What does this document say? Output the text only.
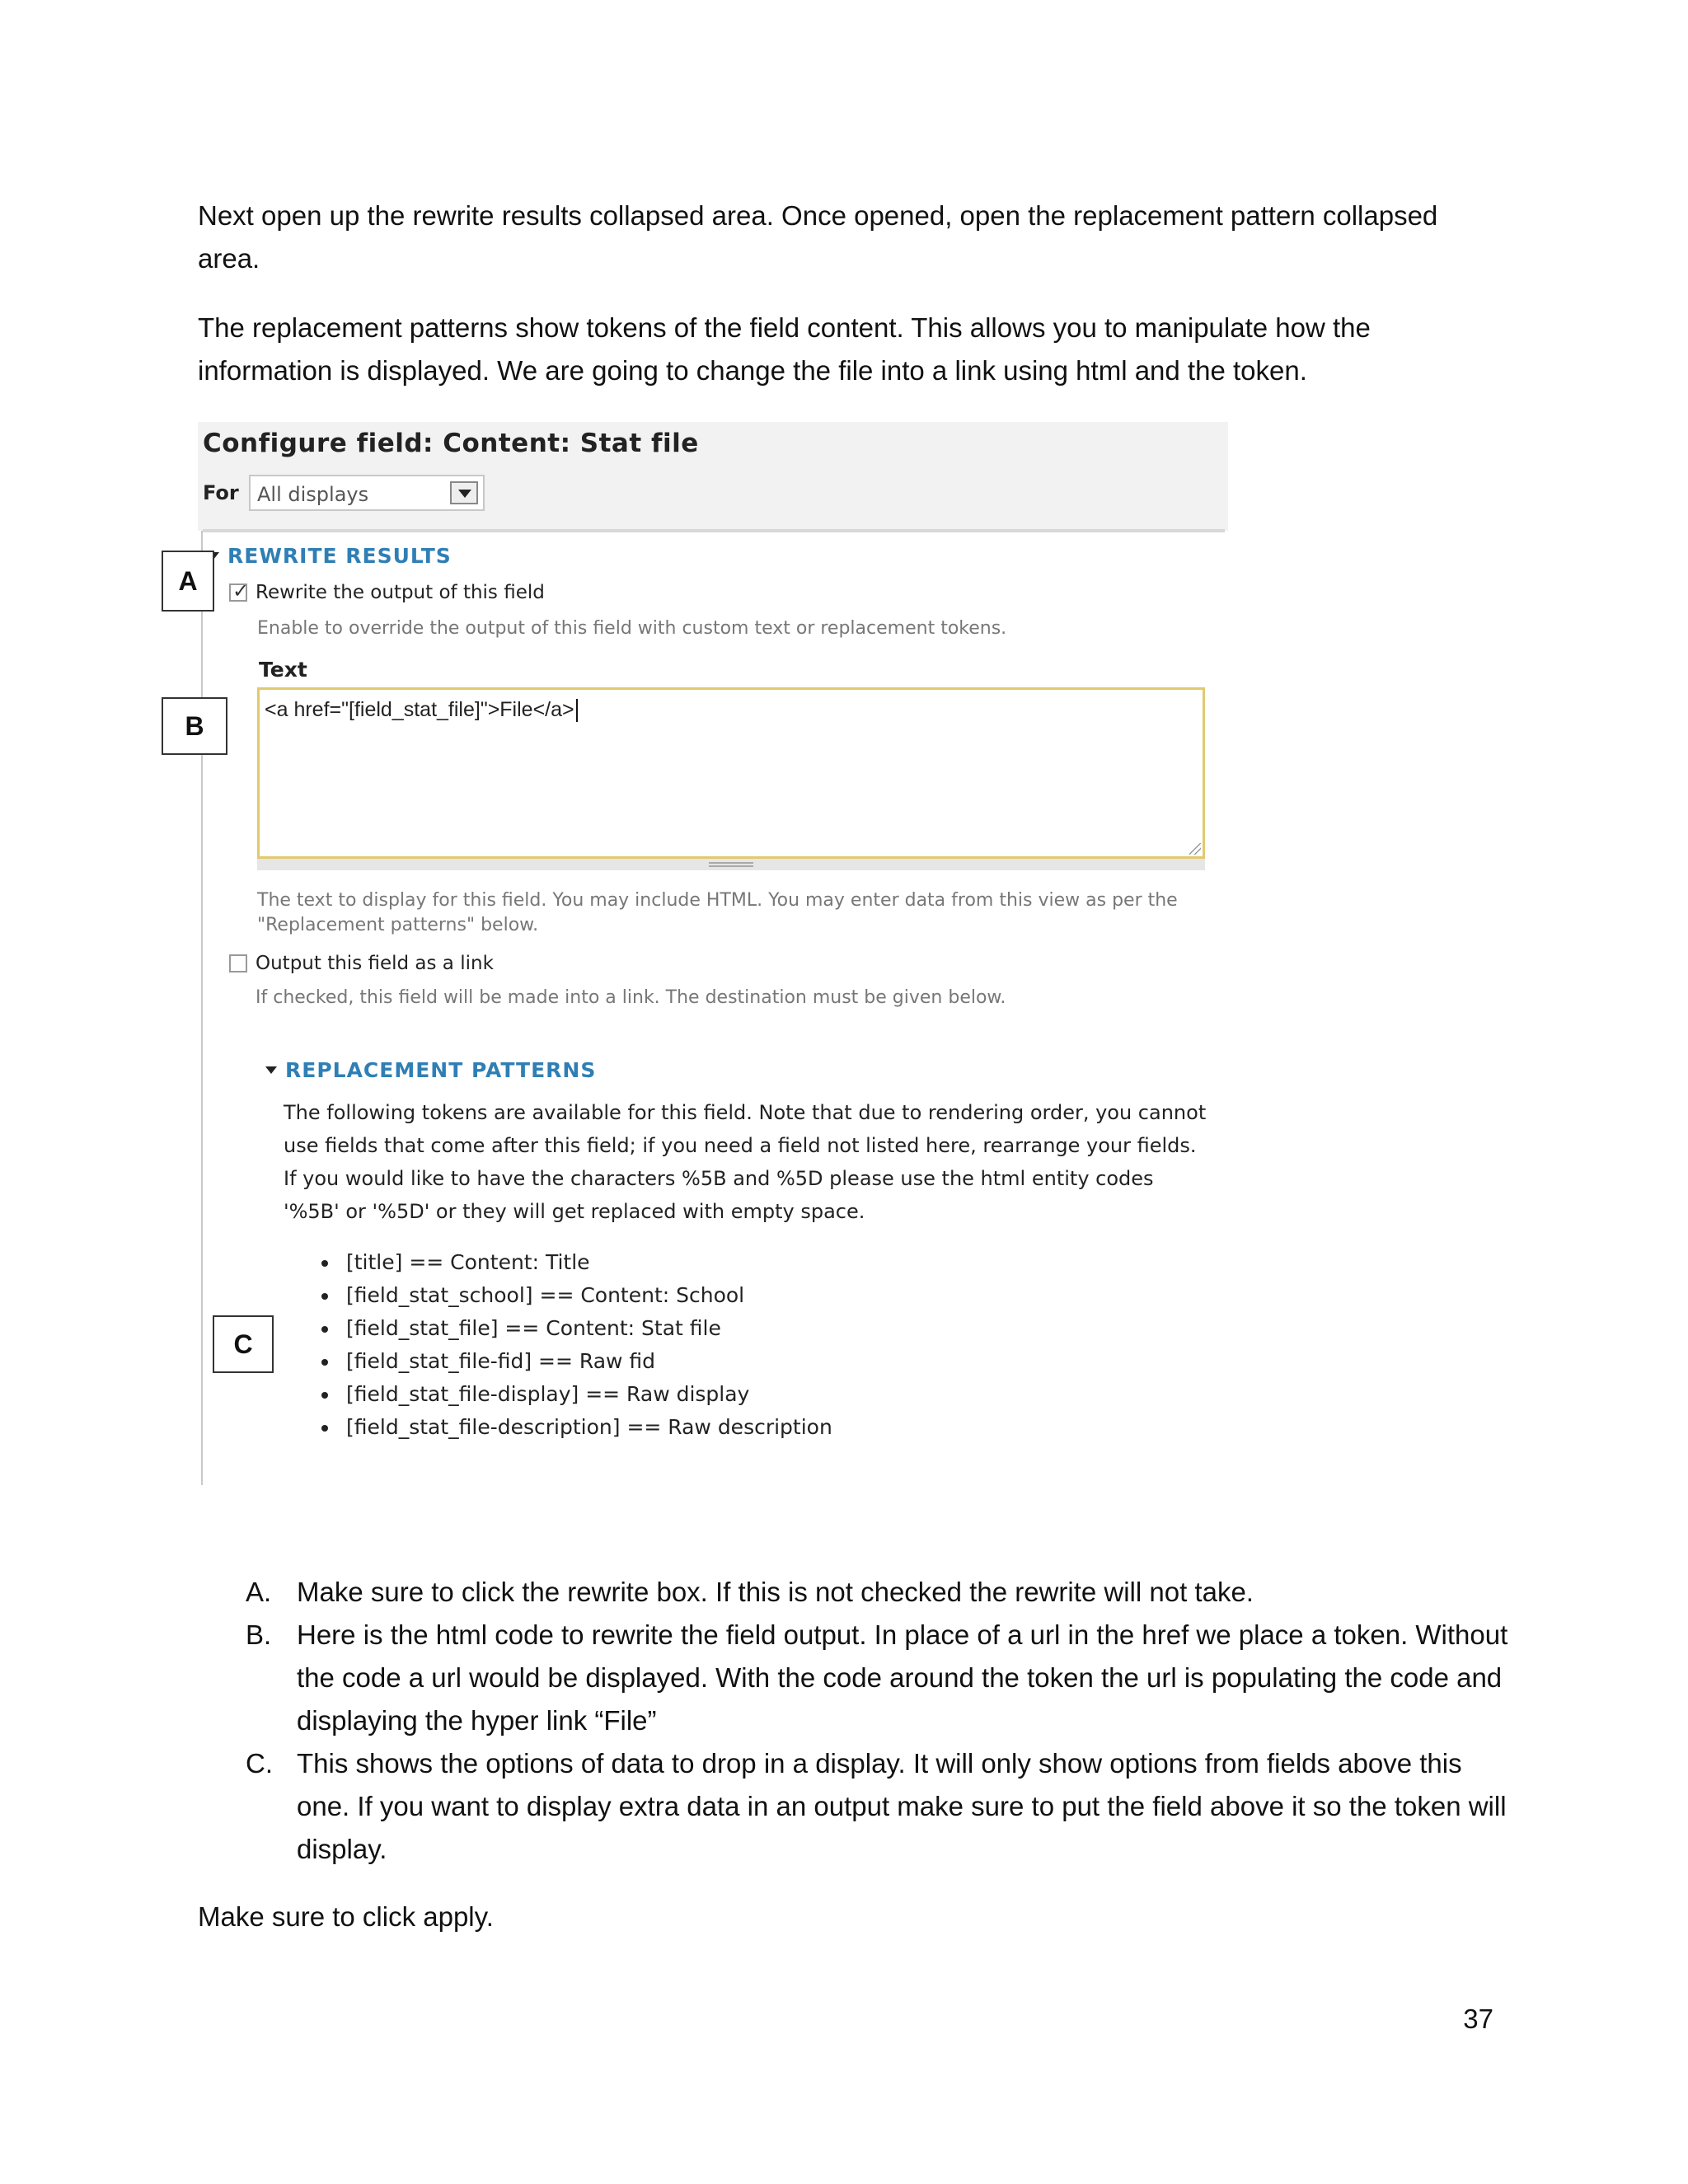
Next open up the rewrite results collapsed area. Once opened, open the replacement pattern collapsed area.
The replacement patterns show tokens of the field content. This allows you to manipulate how the information is displayed. We are going to change the file into a link using html and the token.
Configure field: Content: Stat file
For All displays
REWRITE RESULTS
✓ Rewrite the output of this field
Enable to override the output of this field with custom text or replacement tokens.
Text
<a href="[field_stat_file]">File</a>
The text to display for this field. You may include HTML. You may enter data from this view as per the "Replacement patterns" below.
Output this field as a link
If checked, this field will be made into a link. The destination must be given below.
REPLACEMENT PATTERNS
The following tokens are available for this field. Note that due to rendering order, you cannot use fields that come after this field; if you need a field not listed here, rearrange your fields. If you would like to have the characters %5B and %5D please use the html entity codes '%5B' or '%5D' or they will get replaced with empty space.
[title] == Content: Title
[field_stat_school] == Content: School
[field_stat_file] == Content: Stat file
[field_stat_file-fid] == Raw fid
[field_stat_file-display] == Raw display
[field_stat_file-description] == Raw description
A
B
C
A. Make sure to click the rewrite box. If this is not checked the rewrite will not take.
B. Here is the html code to rewrite the field output. In place of a url in the href we place a token. Without the code a url would be displayed. With the code around the token the url is populating the code and displaying the hyper link “File”
C. This shows the options of data to drop in a display. It will only show options from fields above this one. If you want to display extra data in an output make sure to put the field above it so the token will display.
Make sure to click apply.
37
